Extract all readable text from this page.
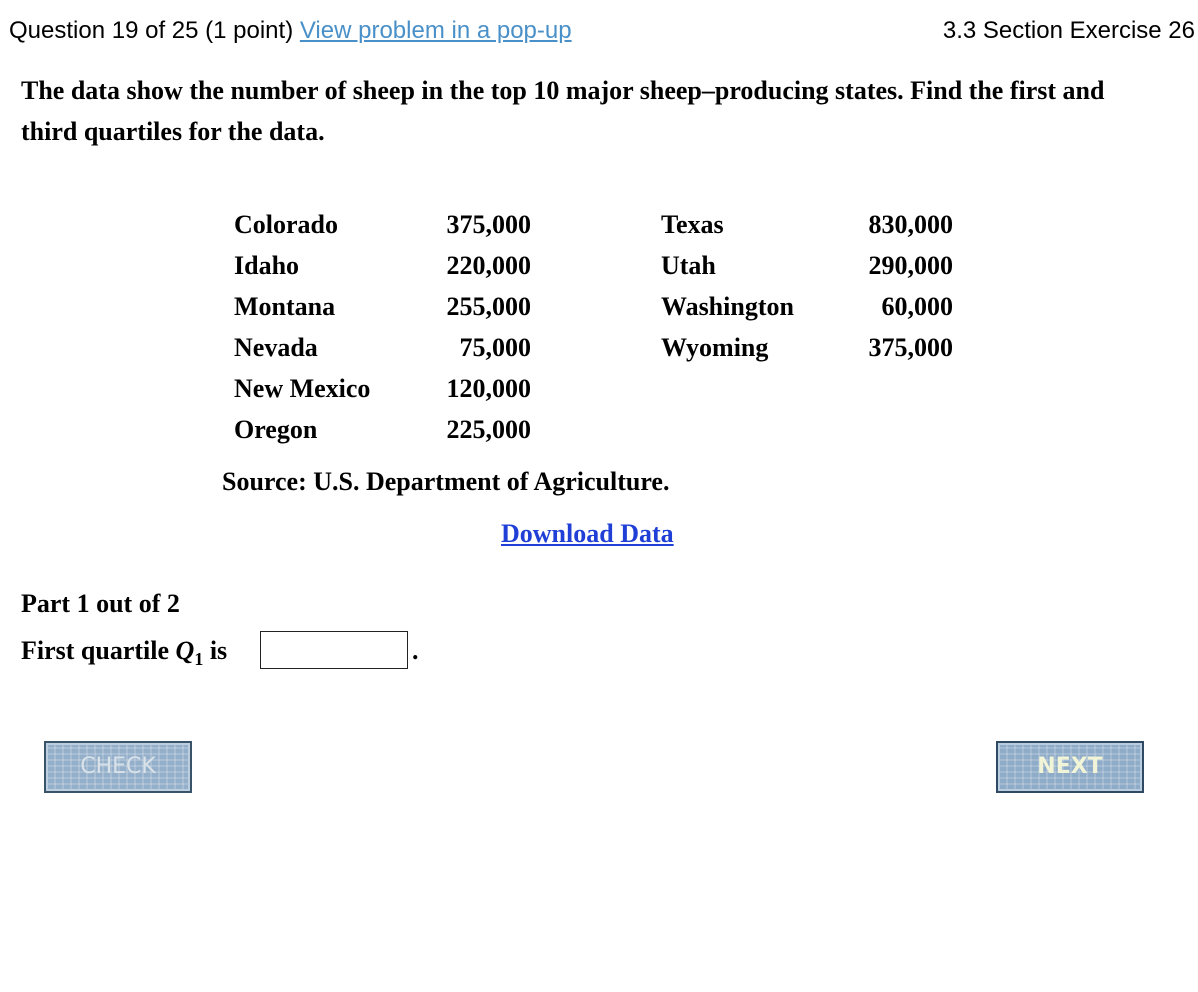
Question 19 of 25 (1 point) View problem in a pop-up	3.3 Section Exercise 26
The data show the number of sheep in the top 10 major sheep–producing states. Find the first and third quartiles for the data.
Colorado	375,000	Texas	830,000
Idaho	220,000	Utah	290,000
Montana	255,000	Washington	60,000
Nevada	75,000	Wyoming	375,000
New Mexico	120,000
Oregon	225,000
Source: U.S. Department of Agriculture.
Download Data
Part 1 out of 2
First quartile $Q_1$ is	.
CHECK	NEXT
